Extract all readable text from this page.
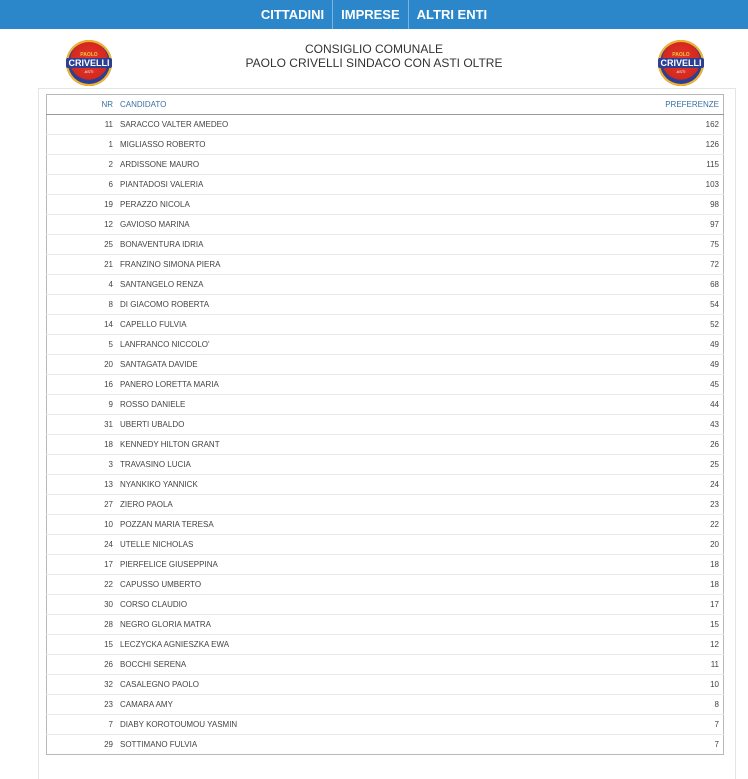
CITTADINI	IMPRESE	ALTRI ENTI
PAOLO
CRIVELLI
ASTI
CONSIGLIO COMUNALE
PAOLO CRIVELLI SINDACO CON ASTI OLTRE
PAOLO
CRIVELLI
ASTI
NR	CANDIDATO	PREFERENZE
11	SARACCO VALTER AMEDEO	162
1	MIGLIASSO ROBERTO	126
2	ARDISSONE MAURO	115
6	PIANTADOSI VALERIA	103
19	PERAZZO NICOLA	98
12	GAVIOSO MARINA	97
25	BONAVENTURA IDRIA	75
21	FRANZINO SIMONA PIERA	72
4	SANTANGELO RENZA	68
8	DI GIACOMO ROBERTA	54
14	CAPELLO FULVIA	52
5	LANFRANCO NICCOLO'	49
20	SANTAGATA DAVIDE	49
16	PANERO LORETTA MARIA	45
9	ROSSO DANIELE	44
31	UBERTI UBALDO	43
18	KENNEDY HILTON GRANT	26
3	TRAVASINO LUCIA	25
13	NYANKIKO YANNICK	24
27	ZIERO PAOLA	23
10	POZZAN MARIA TERESA	22
24	UTELLE NICHOLAS	20
17	PIERFELICE GIUSEPPINA	18
22	CAPUSSO UMBERTO	18
30	CORSO CLAUDIO	17
28	NEGRO GLORIA MATRA	15
15	LECZYCKA AGNIESZKA EWA	12
26	BOCCHI SERENA	11
32	CASALEGNO PAOLO	10
23	CAMARA AMY	8
7	DIABY KOROTOUMOU YASMIN	7
29	SOTTIMANO FULVIA	7
